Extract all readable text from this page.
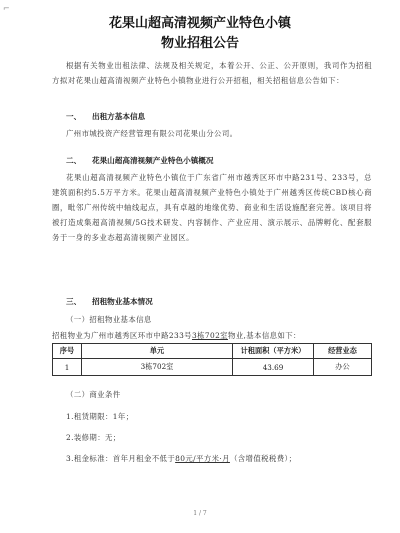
⌐
花果山超高清视频产业特色小镇
物业招租公告
根据有关物业出租法律、法规及相关规定，本着公开、公正、公开原则，我司作为招租方拟对花果山超高清视频产业特色小镇物业进行公开招租，相关招租信息公告如下：
一、 出租方基本信息
广州市城投资产经营管理有限公司花果山分公司。
二、 花果山超高清视频产业特色小镇概况
花果山超高清视频产业特色小镇位于广东省广州市越秀区环市中路231号、233号，总建筑面积约5.5万平方米。花果山超高清视频产业特色小镇处于广州越秀区传统CBD核心商圈，毗邻广州传统中轴线起点，具有卓越的地缘优势、商业和生活设施配套完善。该项目将被打造成集超高清视频/5G技术研发、内容制作、产业应用、演示展示、品牌孵化、配套服务于一身的多业态超高清视频产业园区。
三、 招租物业基本情况
（一）招租物业基本信息
招租物业为广州市越秀区环市中路233号3栋702室物业,基本信息如下：
序号	单元	计租面积（平方米）	经营业态
1	3栋702室	43.69	办公
（二）商业条件
1.租赁期限：1年；
2.装修期：无；
3.租金标准：首年月租金不低于80元/平方米·月（含增值税税费）；
1 / 7
